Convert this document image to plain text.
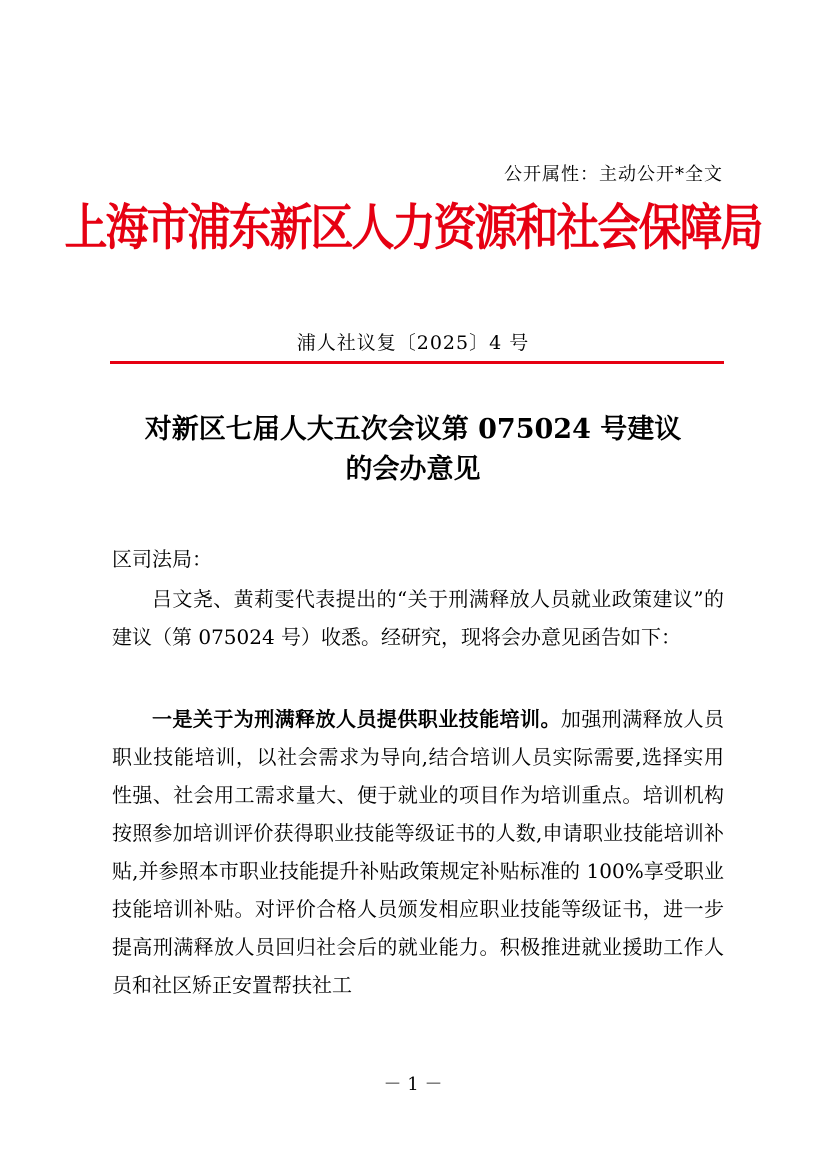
公开属性：主动公开*全文
上海市浦东新区人力资源和社会保障局
浦人社议复〔2025〕4 号
对新区七届人大五次会议第 075024 号建议
的会办意见
区司法局：
吕文尧、黄莉雯代表提出的“关于刑满释放人员就业政策建议”的建议（第 075024 号）收悉。经研究，现将会办意见函告如下：
一是关于为刑满释放人员提供职业技能培训。加强刑满释放人员职业技能培训，以社会需求为导向,结合培训人员实际需要,选择实用性强、社会用工需求量大、便于就业的项目作为培训重点。培训机构按照参加培训评价获得职业技能等级证书的人数,申请职业技能培训补贴,并参照本市职业技能提升补贴政策规定补贴标准的 100%享受职业技能培训补贴。对评价合格人员颁发相应职业技能等级证书，进一步提高刑满释放人员回归社会后的就业能力。积极推进就业援助工作人员和社区矫正安置帮扶社工
－ 1 －
